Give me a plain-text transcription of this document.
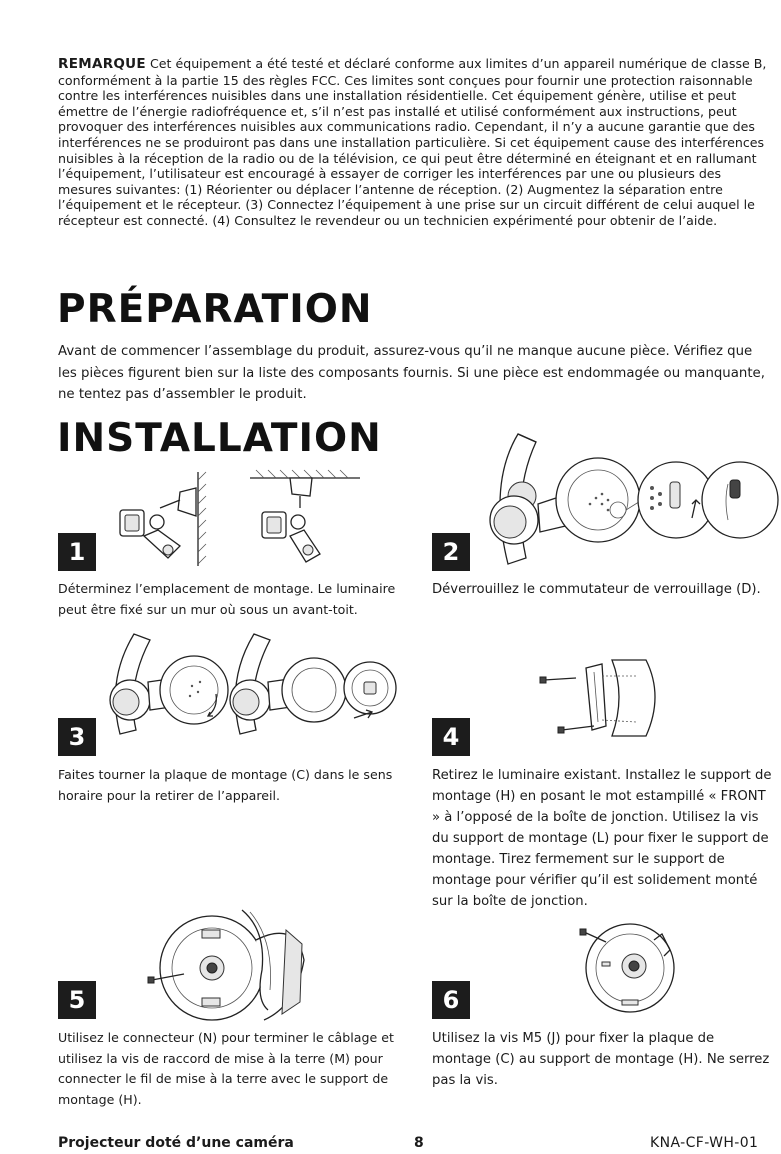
REMARQUE Cet équipement a été testé et déclaré conforme aux limites d’un appareil numérique de classe B, conformément à la partie 15 des règles FCC. Ces limites sont conçues pour fournir une protection raisonnable contre les interférences nuisibles dans une installation résidentielle. Cet équipement génère, utilise et peut émettre de l’énergie radiofréquence et, s’il n’est pas installé et utilisé conformément aux instructions, peut provoquer des interférences nuisibles aux communications radio. Cependant, il n’y a aucune garantie que des interférences ne se produiront pas dans une installation particulière. Si cet équipement cause des interférences nuisibles à la réception de la radio ou de la télévision, ce qui peut être déterminé en éteignant et en rallumant l’équipement, l’utilisateur est encouragé à essayer de corriger les interférences par une ou plusieurs des mesures suivantes: (1) Réorienter ou déplacer l’antenne de réception. (2) Augmentez la séparation entre l’équipement et le récepteur. (3) Connectez l’équipement à une prise sur un circuit différent de celui auquel le récepteur est connecté. (4) Consultez le revendeur ou un technicien expérimenté pour obtenir de l’aide.
PRÉPARATION
Avant de commencer l’assemblage du produit, assurez-vous qu’il ne manque aucune pièce. Vérifiez que les pièces figurent bien sur la liste des composants fournis. Si une pièce est endommagée ou manquante, ne tentez pas d’assembler le produit.
INSTALLATION
1
Déterminez l’emplacement de montage. Le luminaire peut être fixé sur un mur où sous un avant-toit.
2
Déverrouillez le commutateur de verrouillage (D).
3
Faites tourner la plaque de montage (C) dans le sens horaire pour la retirer de l’appareil.
4
Retirez le luminaire existant. Installez le support de montage (H) en posant le mot estampillé « FRONT » à l’opposé de la boîte de jonction. Utilisez la vis du support de montage (L) pour fixer le support de montage. Tirez fermement sur le support de montage pour vérifier qu’il est solidement monté sur la boîte de jonction.
5
Utilisez le connecteur (N) pour terminer le câblage et utilisez la vis de raccord de mise à la terre (M) pour connecter le fil de mise à la terre avec le support de montage (H).
6
Utilisez la vis M5 (J) pour fixer la plaque de montage (C) au support de montage (H). Ne serrez pas la vis.
Projecteur doté d’une caméra	8	KNA-CF-WH-01
